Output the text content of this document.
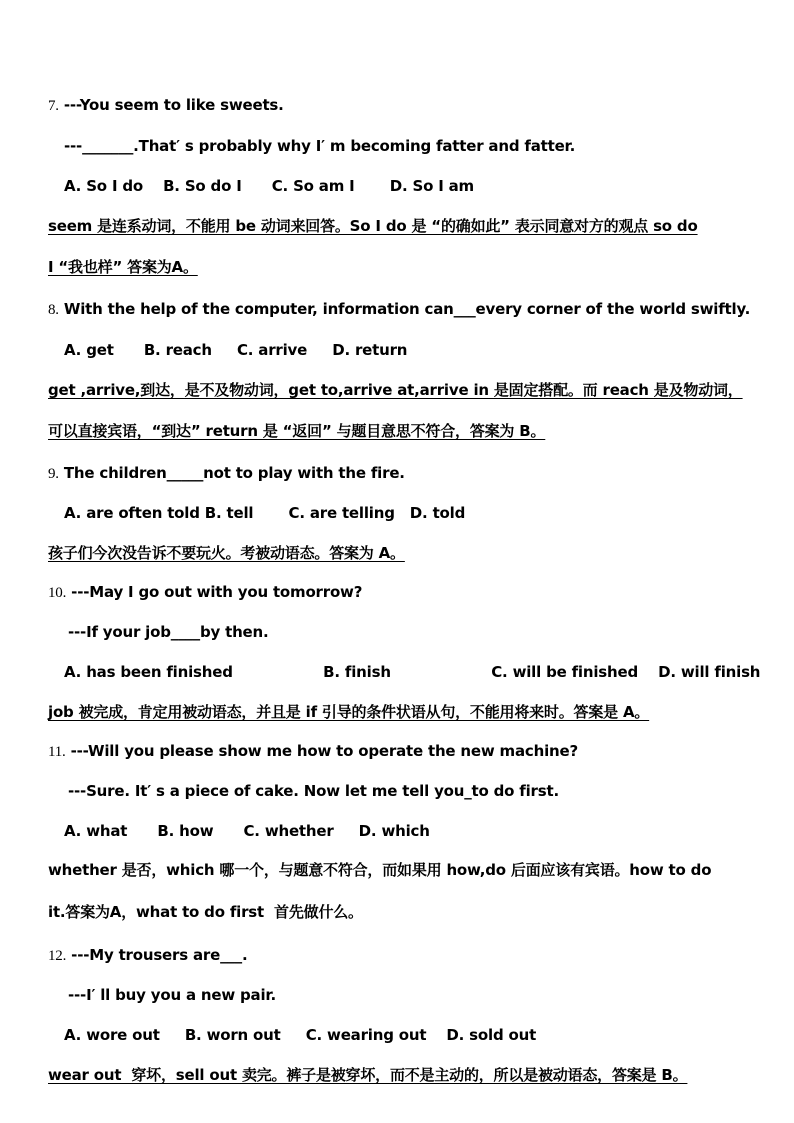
7. ---You seem to like sweets.
---_______.That′ s probably why I′ m becoming fatter and fatter.
A. So I do    B. So do I      C. So am I       D. So I am
seem 是连系动词，不能用 be 动词来回答。So I do 是 “的确如此” 表示同意对方的观点 so do
I “我也样” 答案为A。
8. With the help of the computer, information can___every corner of the world swiftly.
A. get      B. reach     C. arrive     D. return
get ,arrive,到达，是不及物动词，get to,arrive at,arrive in 是固定搭配。而 reach 是及物动词，
可以直接宾语，“到达” return 是 “返回” 与题目意思不符合，答案为 B。
9. The children_____not to play with the fire.
A. are often told B. tell       C. are telling   D. told
孩子们今次没告诉不要玩火。考被动语态。答案为 A。
10. ---May I go out with you tomorrow?
---If your job____by then.
A. has been finished                  B. finish                    C. will be finished    D. will finish
job 被完成，肯定用被动语态，并且是 if 引导的条件状语从句，不能用将来时。答案是 A。
11. ---Will you please show me how to operate the new machine?
---Sure. It′ s a piece of cake. Now let me tell you_to do first.
A. what      B. how      C. whether     D. which
whether 是否，which 哪一个，与题意不符合，而如果用 how,do 后面应该有宾语。how to do
it.答案为A，what to do first  首先做什么。
12. ---My trousers are___.
---I′ ll buy you a new pair.
A. wore out     B. worn out     C. wearing out    D. sold out
wear out  穿坏，sell out 卖完。裤子是被穿坏，而不是主动的，所以是被动语态，答案是 B。
